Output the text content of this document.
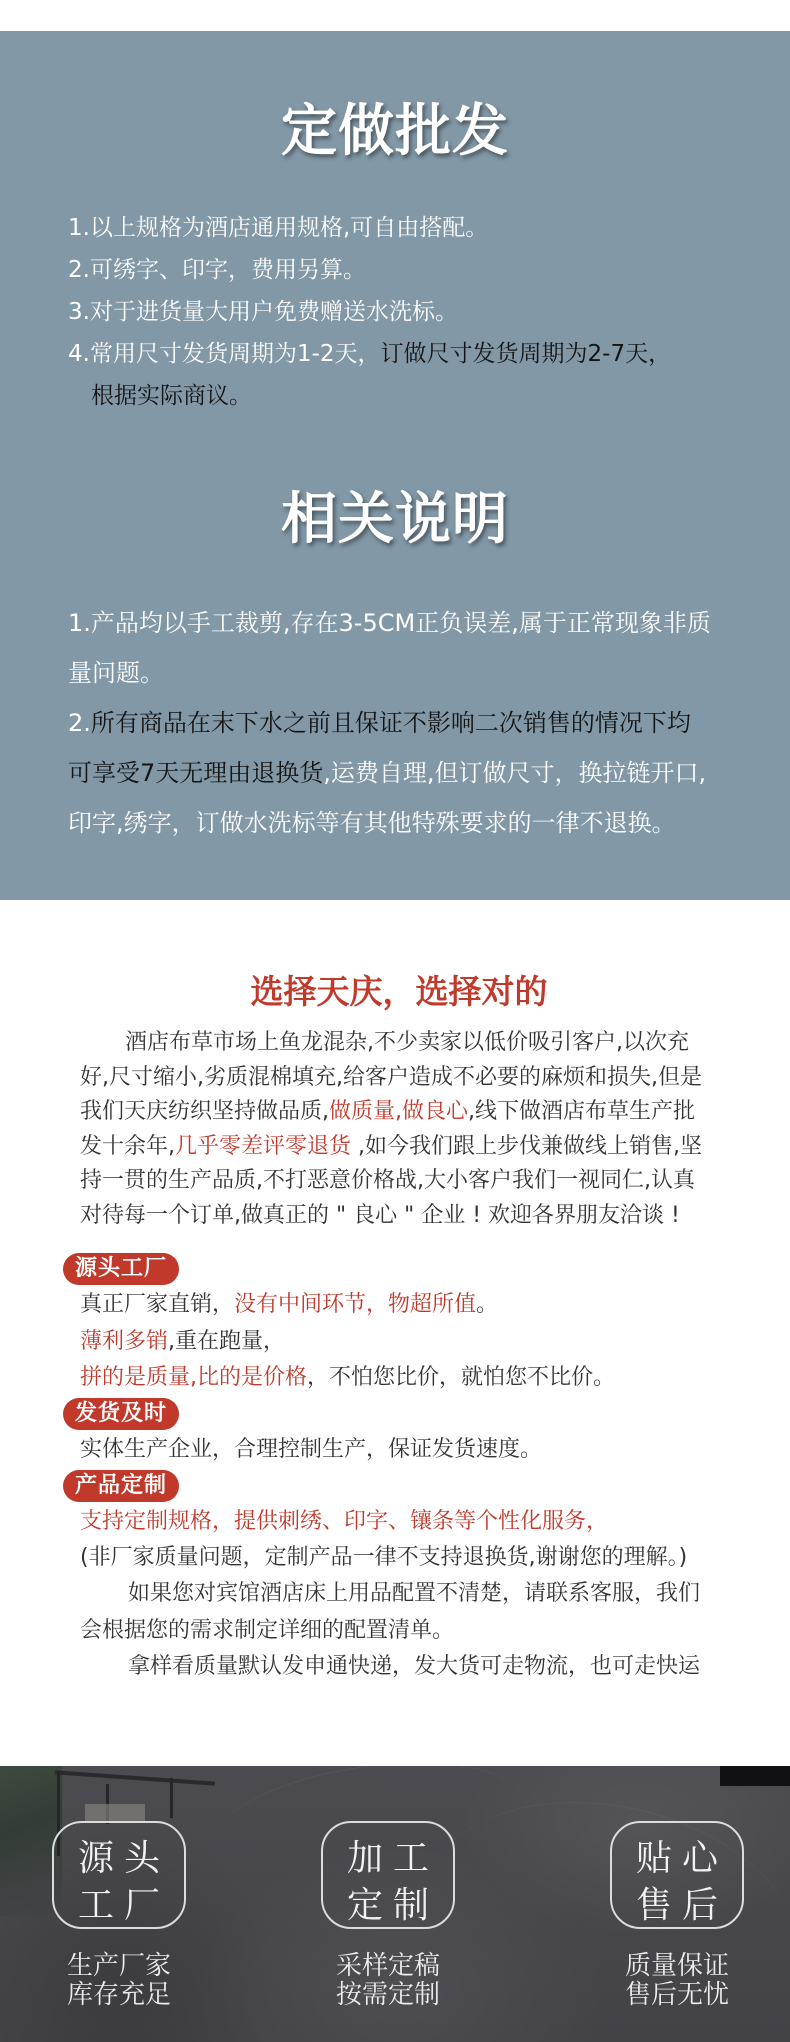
定做批发
1.以上规格为酒店通用规格,可自由搭配。
2.可绣字、印字，费用另算。
3.对于进货量大用户免费赠送水洗标。
4.常用尺寸发货周期为1-2天，订做尺寸发货周期为2-7天，
根据实际商议。
相关说明
1.产品均以手工裁剪,存在3-5CM正负误差,属于正常现象非质
量问题。
2.所有商品在末下水之前且保证不影响二次销售的情况下均
可享受7天无理由退换货,运费自理,但订做尺寸，换拉链开口,
印字,绣字，订做水洗标等有其他特殊要求的一律不退换。
选择天庆，选择对的
酒店布草市场上鱼龙混杂,不少卖家以低价吸引客户,以次充
好,尺寸缩小,劣质混棉填充,给客户造成不必要的麻烦和损失,但是
我们天庆纺织坚持做品质,做质量,做良心,线下做酒店布草生产批
发十余年,几乎零差评零退货 ,如今我们跟上步伐兼做线上销售,坚
持一贯的生产品质,不打恶意价格战,大小客户我们一视同仁,认真
对待每一个订单,做真正的 " 良心 " 企业 ! 欢迎各界朋友洽谈 !
源头工厂
真正厂家直销，没有中间环节，物超所值。
薄利多销,重在跑量，
拼的是质量,比的是价格，不怕您比价，就怕您不比价。
发货及时
实体生产企业，合理控制生产，保证发货速度。
产品定制
支持定制规格，提供刺绣、印字、镶条等个性化服务，
(非厂家质量问题，定制产品一律不支持退换货,谢谢您的理解。)
如果您对宾馆酒店床上用品配置不清楚，请联系客服，我们
会根据您的需求制定详细的配置清单。
拿样看质量默认发申通快递，发大货可走物流，也可走快运
源头
工厂
生产厂家
库存充足
加工
定制
采样定稿
按需定制
贴心
售后
质量保证
售后无忧
